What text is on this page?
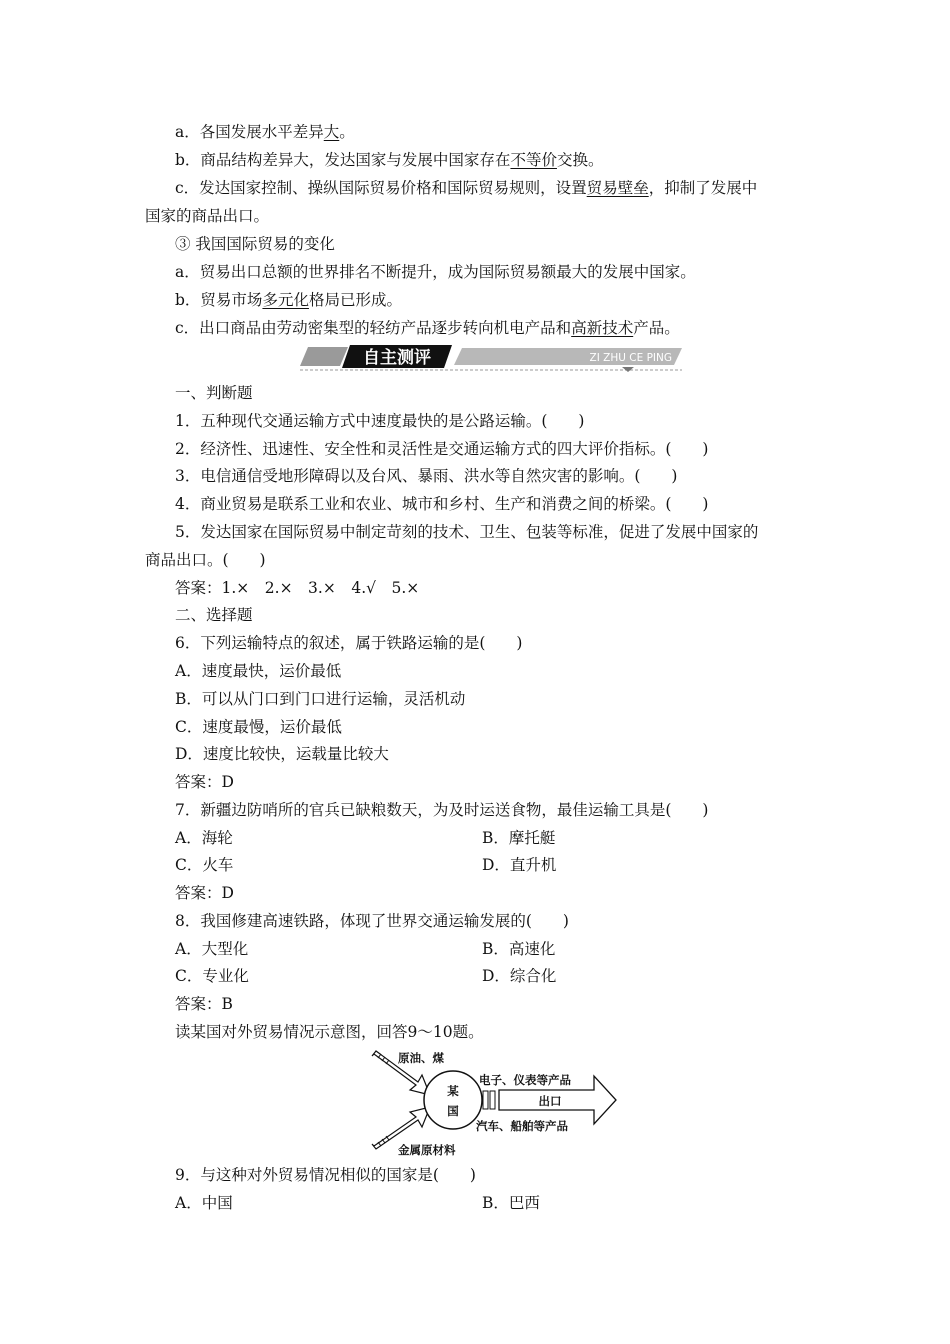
a．各国发展水平差异大。
b．商品结构差异大，发达国家与发展中国家存在不等价交换。
c．发达国家控制、操纵国际贸易价格和国际贸易规则，设置贸易壁垒，抑制了发展中
国家的商品出口。
③ 我国国际贸易的变化
a．贸易出口总额的世界排名不断提升，成为国际贸易额最大的发展中国家。
b．贸易市场多元化格局已形成。
c．出口商品由劳动密集型的轻纺产品逐步转向机电产品和高新技术产品。
自主测评	ZI ZHU CE PING
一、判断题
1．五种现代交通运输方式中速度最快的是公路运输。(　　)
2．经济性、迅速性、安全性和灵活性是交通运输方式的四大评价指标。(　　)
3．电信通信受地形障碍以及台风、暴雨、洪水等自然灾害的影响。(　　)
4．商业贸易是联系工业和农业、城市和乡村、生产和消费之间的桥梁。(　　)
5．发达国家在国际贸易中制定苛刻的技术、卫生、包装等标准，促进了发展中国家的
商品出口。(　　)
答案：1.×　2.×　3.×　4.√　5.×
二、选择题
6．下列运输特点的叙述，属于铁路运输的是(　　)
A．速度最快，运价最低
B．可以从门口到门口进行运输，灵活机动
C．速度最慢，运价最低
D．速度比较快，运载量比较大
答案：D
7．新疆边防哨所的官兵已缺粮数天，为及时运送食物，最佳运输工具是(　　)
A．海轮	B．摩托艇
C．火车	D．直升机
答案：D
8．我国修建高速铁路，体现了世界交通运输发展的(　　)
A．大型化	B．高速化
C．专业化	D．综合化
答案：B
读某国对外贸易情况示意图，回答9～10题。
某
国
出口
原油、煤
金属原材料
电子、仪表等产品
汽车、船舶等产品
9．与这种对外贸易情况相似的国家是(　　)
A．中国	B．巴西
